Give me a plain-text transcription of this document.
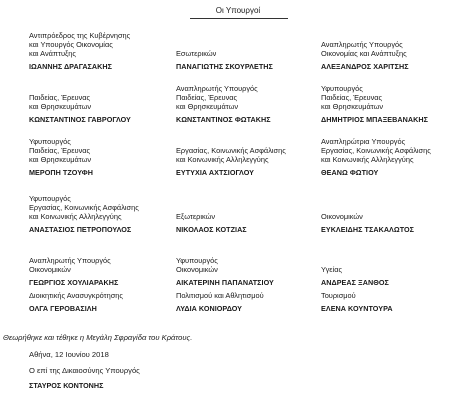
Οι Υπουργοί
Αντιπρόεδρος της Κυβέρνησης
και Υπουργός Οικονομίας
και Ανάπτυξης
ΙΩΑΝΝΗΣ ΔΡΑΓΑΣΑΚΗΣ
Εσωτερικών
ΠΑΝΑΓΙΩΤΗΣ ΣΚΟΥΡΛΕΤΗΣ
Αναπληρωτής Υπουργός
Οικονομίας και Ανάπτυξης
ΑΛΕΞΑΝΔΡΟΣ ΧΑΡΙΤΣΗΣ
Παιδείας, Έρευνας
και Θρησκευμάτων
ΚΩΝΣΤΑΝΤΙΝΟΣ ΓΑΒΡΟΓΛΟΥ
Αναπληρωτής Υπουργός
Παιδείας, Έρευνας
και Θρησκευμάτων
ΚΩΝΣΤΑΝΤΙΝΟΣ ΦΩΤΑΚΗΣ
Υφυπουργός
Παιδείας, Έρευνας
και Θρησκευμάτων
ΔΗΜΗΤΡΙΟΣ ΜΠΑΞΕΒΑΝΑΚΗΣ
Υφυπουργός
Παιδείας, Έρευνας
και Θρησκευμάτων
ΜΕΡΟΠΗ ΤΖΟΥΦΗ
Εργασίας, Κοινωνικής Ασφάλισης
και Κοινωνικής Αλληλεγγύης
ΕΥΤΥΧΙΑ ΑΧΤΣΙΟΓΛΟΥ
Αναπληρώτρια Υπουργός
Εργασίας, Κοινωνικής Ασφάλισης
και Κοινωνικής Αλληλεγγύης
ΘΕΑΝΩ ΦΩΤΙΟΥ
Υφυπουργός
Εργασίας, Κοινωνικής Ασφάλισης
και Κοινωνικής Αλληλεγγύης
ΑΝΑΣΤΑΣΙΟΣ ΠΕΤΡΟΠΟΥΛΟΣ
Εξωτερικών
ΝΙΚΟΛΑΟΣ ΚΟΤΖΙΑΣ
Οικονομικών
ΕΥΚΛΕΙΔΗΣ ΤΣΑΚΑΛΩΤΟΣ
Αναπληρωτής Υπουργός
Οικονομικών
ΓΕΩΡΓΙΟΣ ΧΟΥΛΙΑΡΑΚΗΣ
Υφυπουργός
Οικονομικών
ΑΙΚΑΤΕΡΙΝΗ ΠΑΠΑΝΑΤΣΙΟΥ
Υγείας
ΑΝΔΡΕΑΣ ΞΑΝΘΟΣ
Διοικητικής Ανασυγκρότησης
ΟΛΓΑ ΓΕΡΟΒΑΣΙΛΗ
Πολιτισμού και Αθλητισμού
ΛΥΔΙΑ ΚΟΝΙΟΡΔΟΥ
Τουρισμού
ΕΛΕΝΑ ΚΟΥΝΤΟΥΡΑ
Θεωρήθηκε και τέθηκε η Μεγάλη Σφραγίδα του Κράτους.
Αθήνα, 12 Ιουνίου 2018
Ο επί της Δικαιοσύνης Υπουργός
ΣΤΑΥΡΟΣ ΚΟΝΤΟΝΗΣ
